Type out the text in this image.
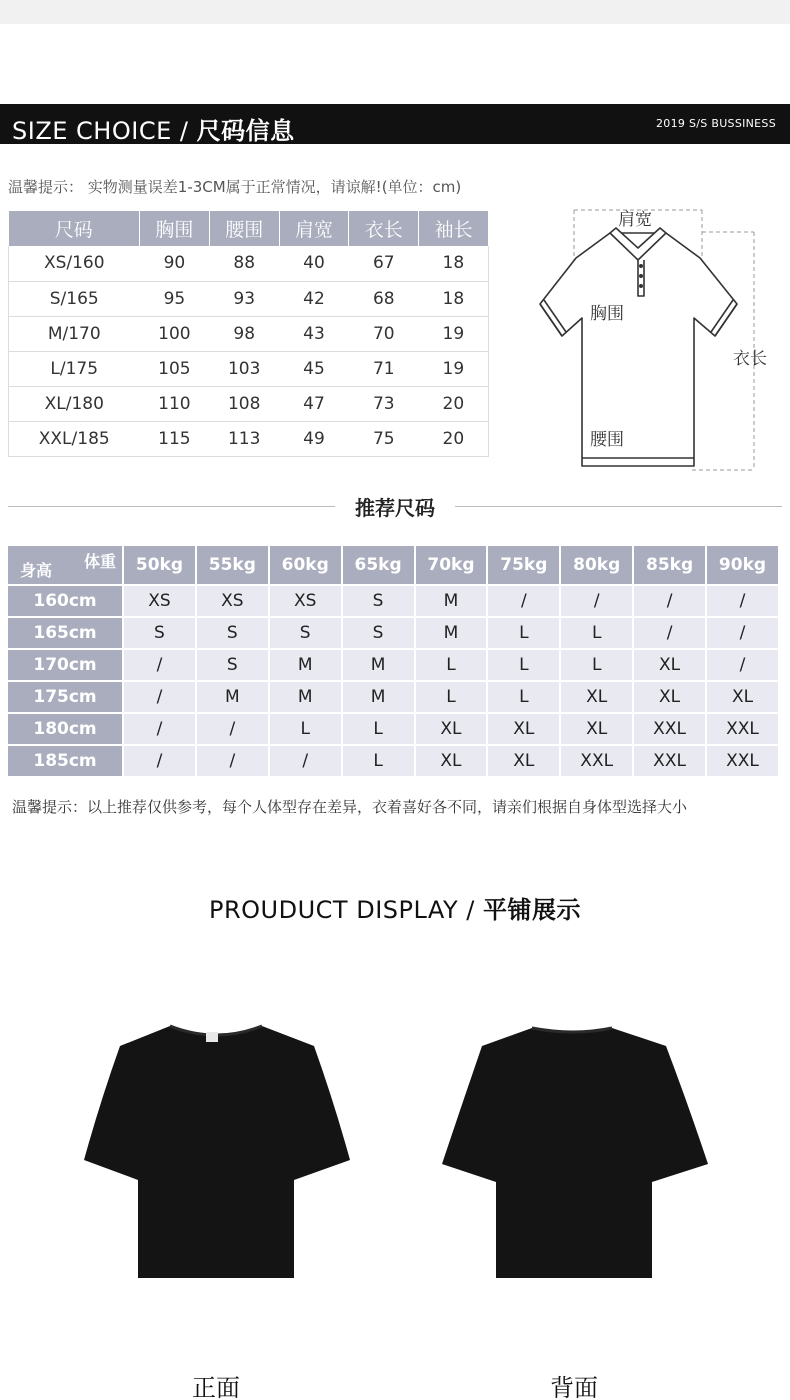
SIZE CHOICE / 尺码信息	2019 S/S BUSSINESS
温馨提示： 实物测量误差1-3CM属于正常情况，请谅解!(单位：cm)
尺码	胸围	腰围	肩宽	衣长	袖长
XS/160	90	88	40	67	18
S/165	95	93	42	68	18
M/170	100	98	43	70	19
L/175	105	103	45	71	19
XL/180	110	108	47	73	20
XXL/185	115	113	49	75	20
肩宽
胸围
衣长
腰围
推荐尺码
体重
身高	50kg	55kg	60kg	65kg	70kg	75kg	80kg	85kg	90kg
160cm	XS	XS	XS	S	M	/	/	/	/
165cm	S	S	S	S	M	L	L	/	/
170cm	/	S	M	M	L	L	L	XL	/
175cm	/	M	M	M	L	L	XL	XL	XL
180cm	/	/	L	L	XL	XL	XL	XXL	XXL
185cm	/	/	/	L	XL	XL	XXL	XXL	XXL
温馨提示：以上推荐仅供参考，每个人体型存在差异，衣着喜好各不同，请亲们根据自身体型选择大小
PROUDUCT DISPLAY / 平铺展示
正面	背面
